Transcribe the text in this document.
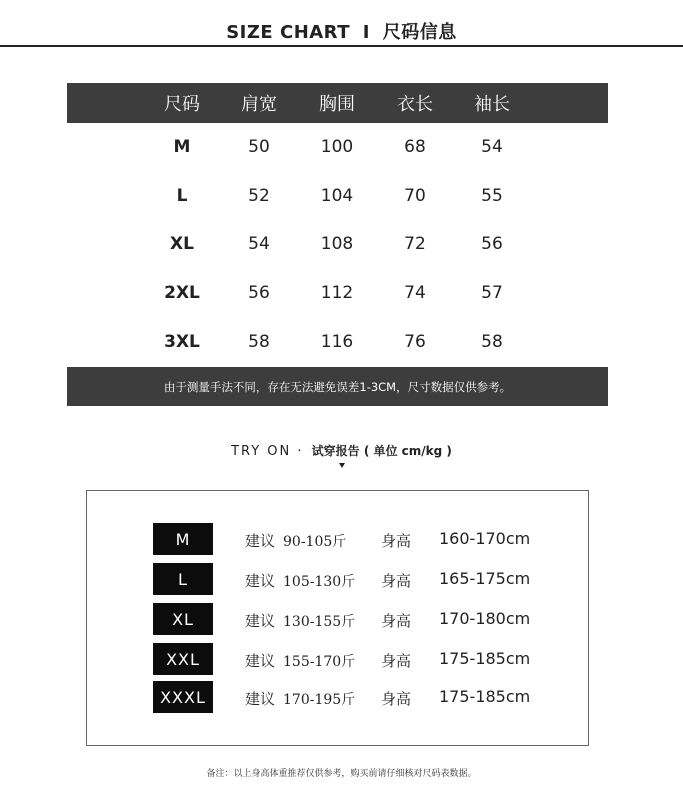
SIZE CHART I 尺码信息
尺码	肩宽	胸围	衣长	袖长
M	50	100	68	54
L	52	104	70	55
XL	54	108	72	56
2XL	56	112	74	57
3XL	58	116	76	58
由于测量手法不同，存在无法避免误差1-3CM，尺寸数据仅供参考。
TRY ON · 试穿报告 ( 单位 cm/kg )
M	建议 90-105斤 身高 160-170cm
L	建议 105-130斤 身高 165-175cm
XL	建议 130-155斤 身高 170-180cm
XXL	建议 155-170斤 身高 175-185cm
XXXL	建议 170-195斤 身高 175-185cm
备注：以上身高体重推荐仅供参考，购买前请仔细核对尺码表数据。
